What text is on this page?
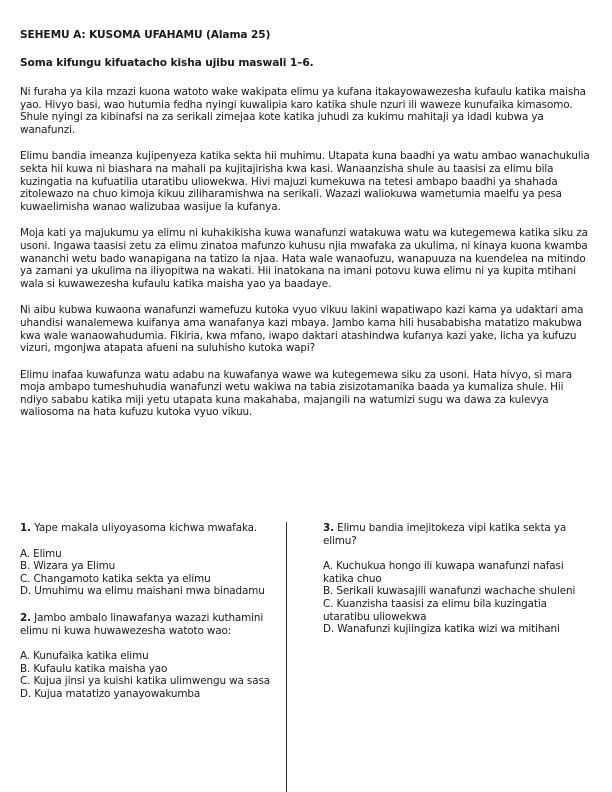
SEHEMU A: KUSOMA UFAHAMU (Alama 25)
Soma kifungu kifuatacho kisha ujibu maswali 1–6.

Ni furaha ya kila mzazi kuona watoto wake wakipata elimu ya kufana itakayowawezesha kufaulu katika maisha yao. Hivyo basi, wao hutumia fedha nyingi kuwalipia karo katika shule nzuri ili waweze kunufaika kimasomo. Shule nyingi za kibinafsi na za serikali zimejaa kote katika juhudi za kukimu mahitaji ya idadi kubwa ya wanafunzi.

Elimu bandia imeanza kujipenyeza katika sekta hii muhimu. Utapata kuna baadhi ya watu ambao wanachukulia sekta hii kuwa ni biashara na mahali pa kujitajirisha kwa kasi. Wanaanzisha shule au taasisi za elimu bila kuzingatia na kufuatilia utaratibu uliowekwa. Hivi majuzi kumekuwa na tetesi ambapo baadhi ya shahada zitolewazo na chuo kimoja kikuu ziliharamishwa na serikali. Wazazi waliokuwa wametumia maelfu ya pesa kuwaelimisha wanao walizubaa wasijue la kufanya.

Moja kati ya majukumu ya elimu ni kuhakikisha kuwa wanafunzi watakuwa watu wa kutegemewa katika siku za usoni. Ingawa taasisi zetu za elimu zinatoa mafunzo kuhusu njia mwafaka za ukulima, ni kinaya kuona kwamba wananchi wetu bado wanapigana na tatizo la njaa. Hata wale wanaofuzu, wanapuuza na kuendelea na mitindo ya zamani ya ukulima na iliyopitwa na wakati. Hii inatokana na imani potovu kuwa elimu ni ya kupita mtihani wala si kuwawezesha kufaulu katika maisha yao ya baadaye.

Ni aibu kubwa kuwaona wanafunzi wamefuzu kutoka vyuo vikuu lakini wapatiwapo kazi kama ya udaktari ama uhandisi wanalemewa kuifanya ama wanafanya kazi mbaya. Jambo kama hili husababisha matatizo makubwa kwa wale wanaowahudumia. Fikiria, kwa mfano, iwapo daktari atashindwa kufanya kazi yake, licha ya kufuzu vizuri, mgonjwa atapata afueni na suluhisho kutoka wapi?

Elimu inafaa kuwafunza watu adabu na kuwafanya wawe wa kutegemewa siku za usoni. Hata hivyo, si mara moja ambapo tumeshuhudia wanafunzi wetu wakiwa na tabia zisizotamanika baada ya kumaliza shule. Hii ndiyo sababu katika miji yetu utapata kuna makahaba, majangili na watumizi sugu wa dawa za kulevya waliosoma na hata kufuzu kutoka vyuo vikuu.

1. Yape makala uliyoyasoma kichwa mwafaka.

A. Elimu

B. Wizara ya Elimu

C. Changamoto katika sekta ya elimu

D. Umuhimu wa elimu maishani mwa binadamu

2. Jambo ambalo linawafanya wazazi kuthamini elimu ni kuwa huwawezesha watoto wao:

A. Kunufaika katika elimu

B. Kufaulu katika maisha yao

C. Kujua jinsi ya kuishi katika ulimwengu wa sasa

D. Kujua matatizo yanayowakumba

3. Elimu bandia imejitokeza vipi katika sekta ya elimu?

A. Kuchukua hongo ili kuwapa wanafunzi nafasi katika chuo

B. Serikali kuwasajili wanafunzi wachache shuleni

C. Kuanzisha taasisi za elimu bila kuzingatia utaratibu uliowekwa

D. Wanafunzi kujiingiza katika wizi wa mitihani
